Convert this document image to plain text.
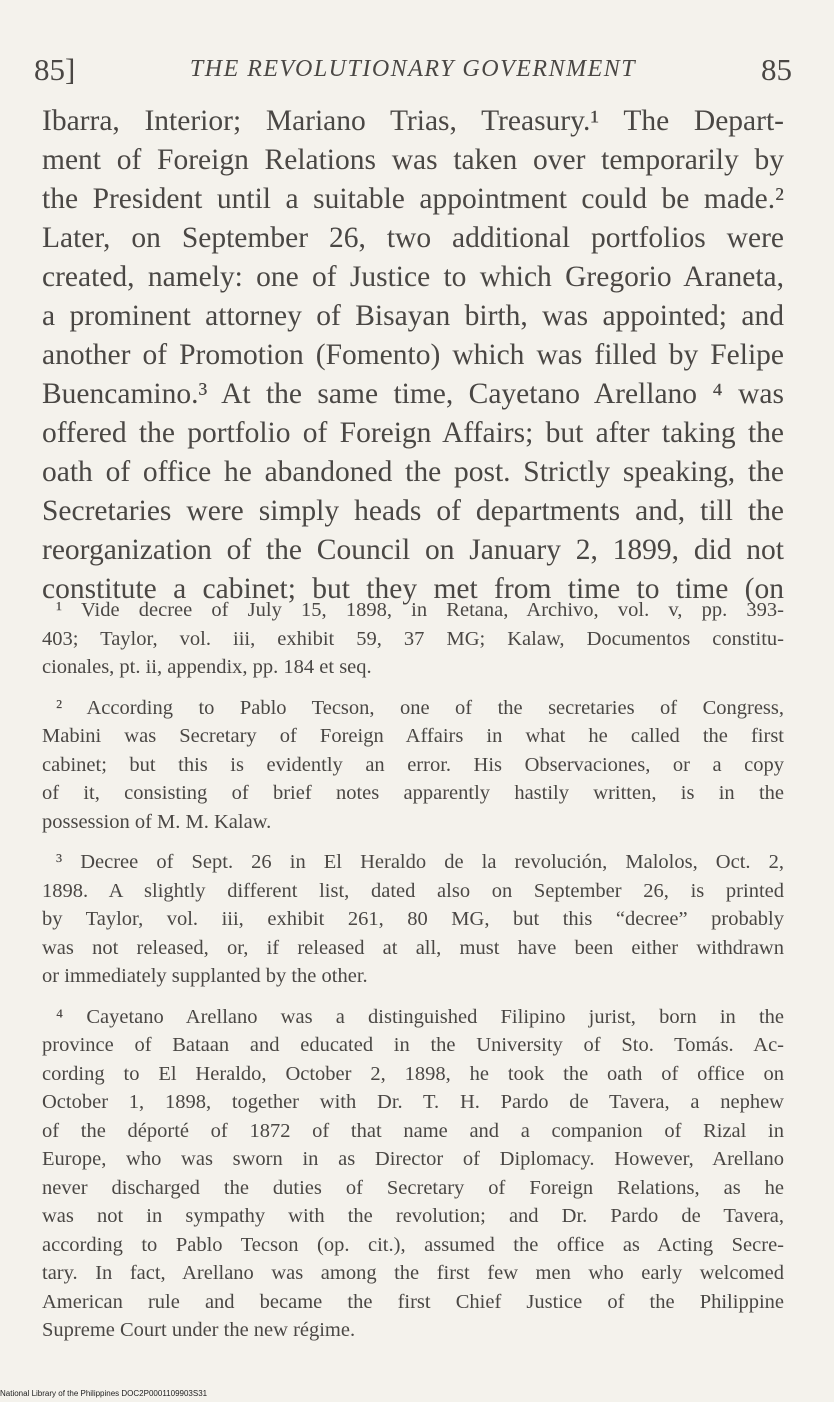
85]	THE REVOLUTIONARY GOVERNMENT	85
Ibarra, Interior; Mariano Trias, Treasury.¹ The Depart-
ment of Foreign Relations was taken over temporarily by
the President until a suitable appointment could be made.²
Later, on September 26, two additional portfolios were
created, namely: one of Justice to which Gregorio Araneta,
a prominent attorney of Bisayan birth, was appointed; and
another of Promotion (Fomento) which was filled by Felipe
Buencamino.³ At the same time, Cayetano Arellano ⁴ was
offered the portfolio of Foreign Affairs; but after taking the
oath of office he abandoned the post. Strictly speaking, the
Secretaries were simply heads of departments and, till the
reorganization of the Council on January 2, 1899, did not
constitute a cabinet; but they met from time to time (on
¹ Vide decree of July 15, 1898, in Retana, Archivo, vol. v, pp. 393-
403; Taylor, vol. iii, exhibit 59, 37 MG; Kalaw, Documentos constitu-
cionales, pt. ii, appendix, pp. 184 et seq.
² According to Pablo Tecson, one of the secretaries of Congress,
Mabini was Secretary of Foreign Affairs in what he called the first
cabinet; but this is evidently an error. His Observaciones, or a copy
of it, consisting of brief notes apparently hastily written, is in the
possession of M. M. Kalaw.
³ Decree of Sept. 26 in El Heraldo de la revolución, Malolos, Oct. 2,
1898. A slightly different list, dated also on September 26, is printed
by Taylor, vol. iii, exhibit 261, 80 MG, but this “decree” probably
was not released, or, if released at all, must have been either withdrawn
or immediately supplanted by the other.
⁴ Cayetano Arellano was a distinguished Filipino jurist, born in the
province of Bataan and educated in the University of Sto. Tomás. Ac-
cording to El Heraldo, October 2, 1898, he took the oath of office on
October 1, 1898, together with Dr. T. H. Pardo de Tavera, a nephew
of the déporté of 1872 of that name and a companion of Rizal in
Europe, who was sworn in as Director of Diplomacy. However, Arellano
never discharged the duties of Secretary of Foreign Relations, as he
was not in sympathy with the revolution; and Dr. Pardo de Tavera,
according to Pablo Tecson (op. cit.), assumed the office as Acting Secre-
tary. In fact, Arellano was among the first few men who early welcomed
American rule and became the first Chief Justice of the Philippine
Supreme Court under the new régime.
National Library of the Philippines DOC2P0001109903S31
